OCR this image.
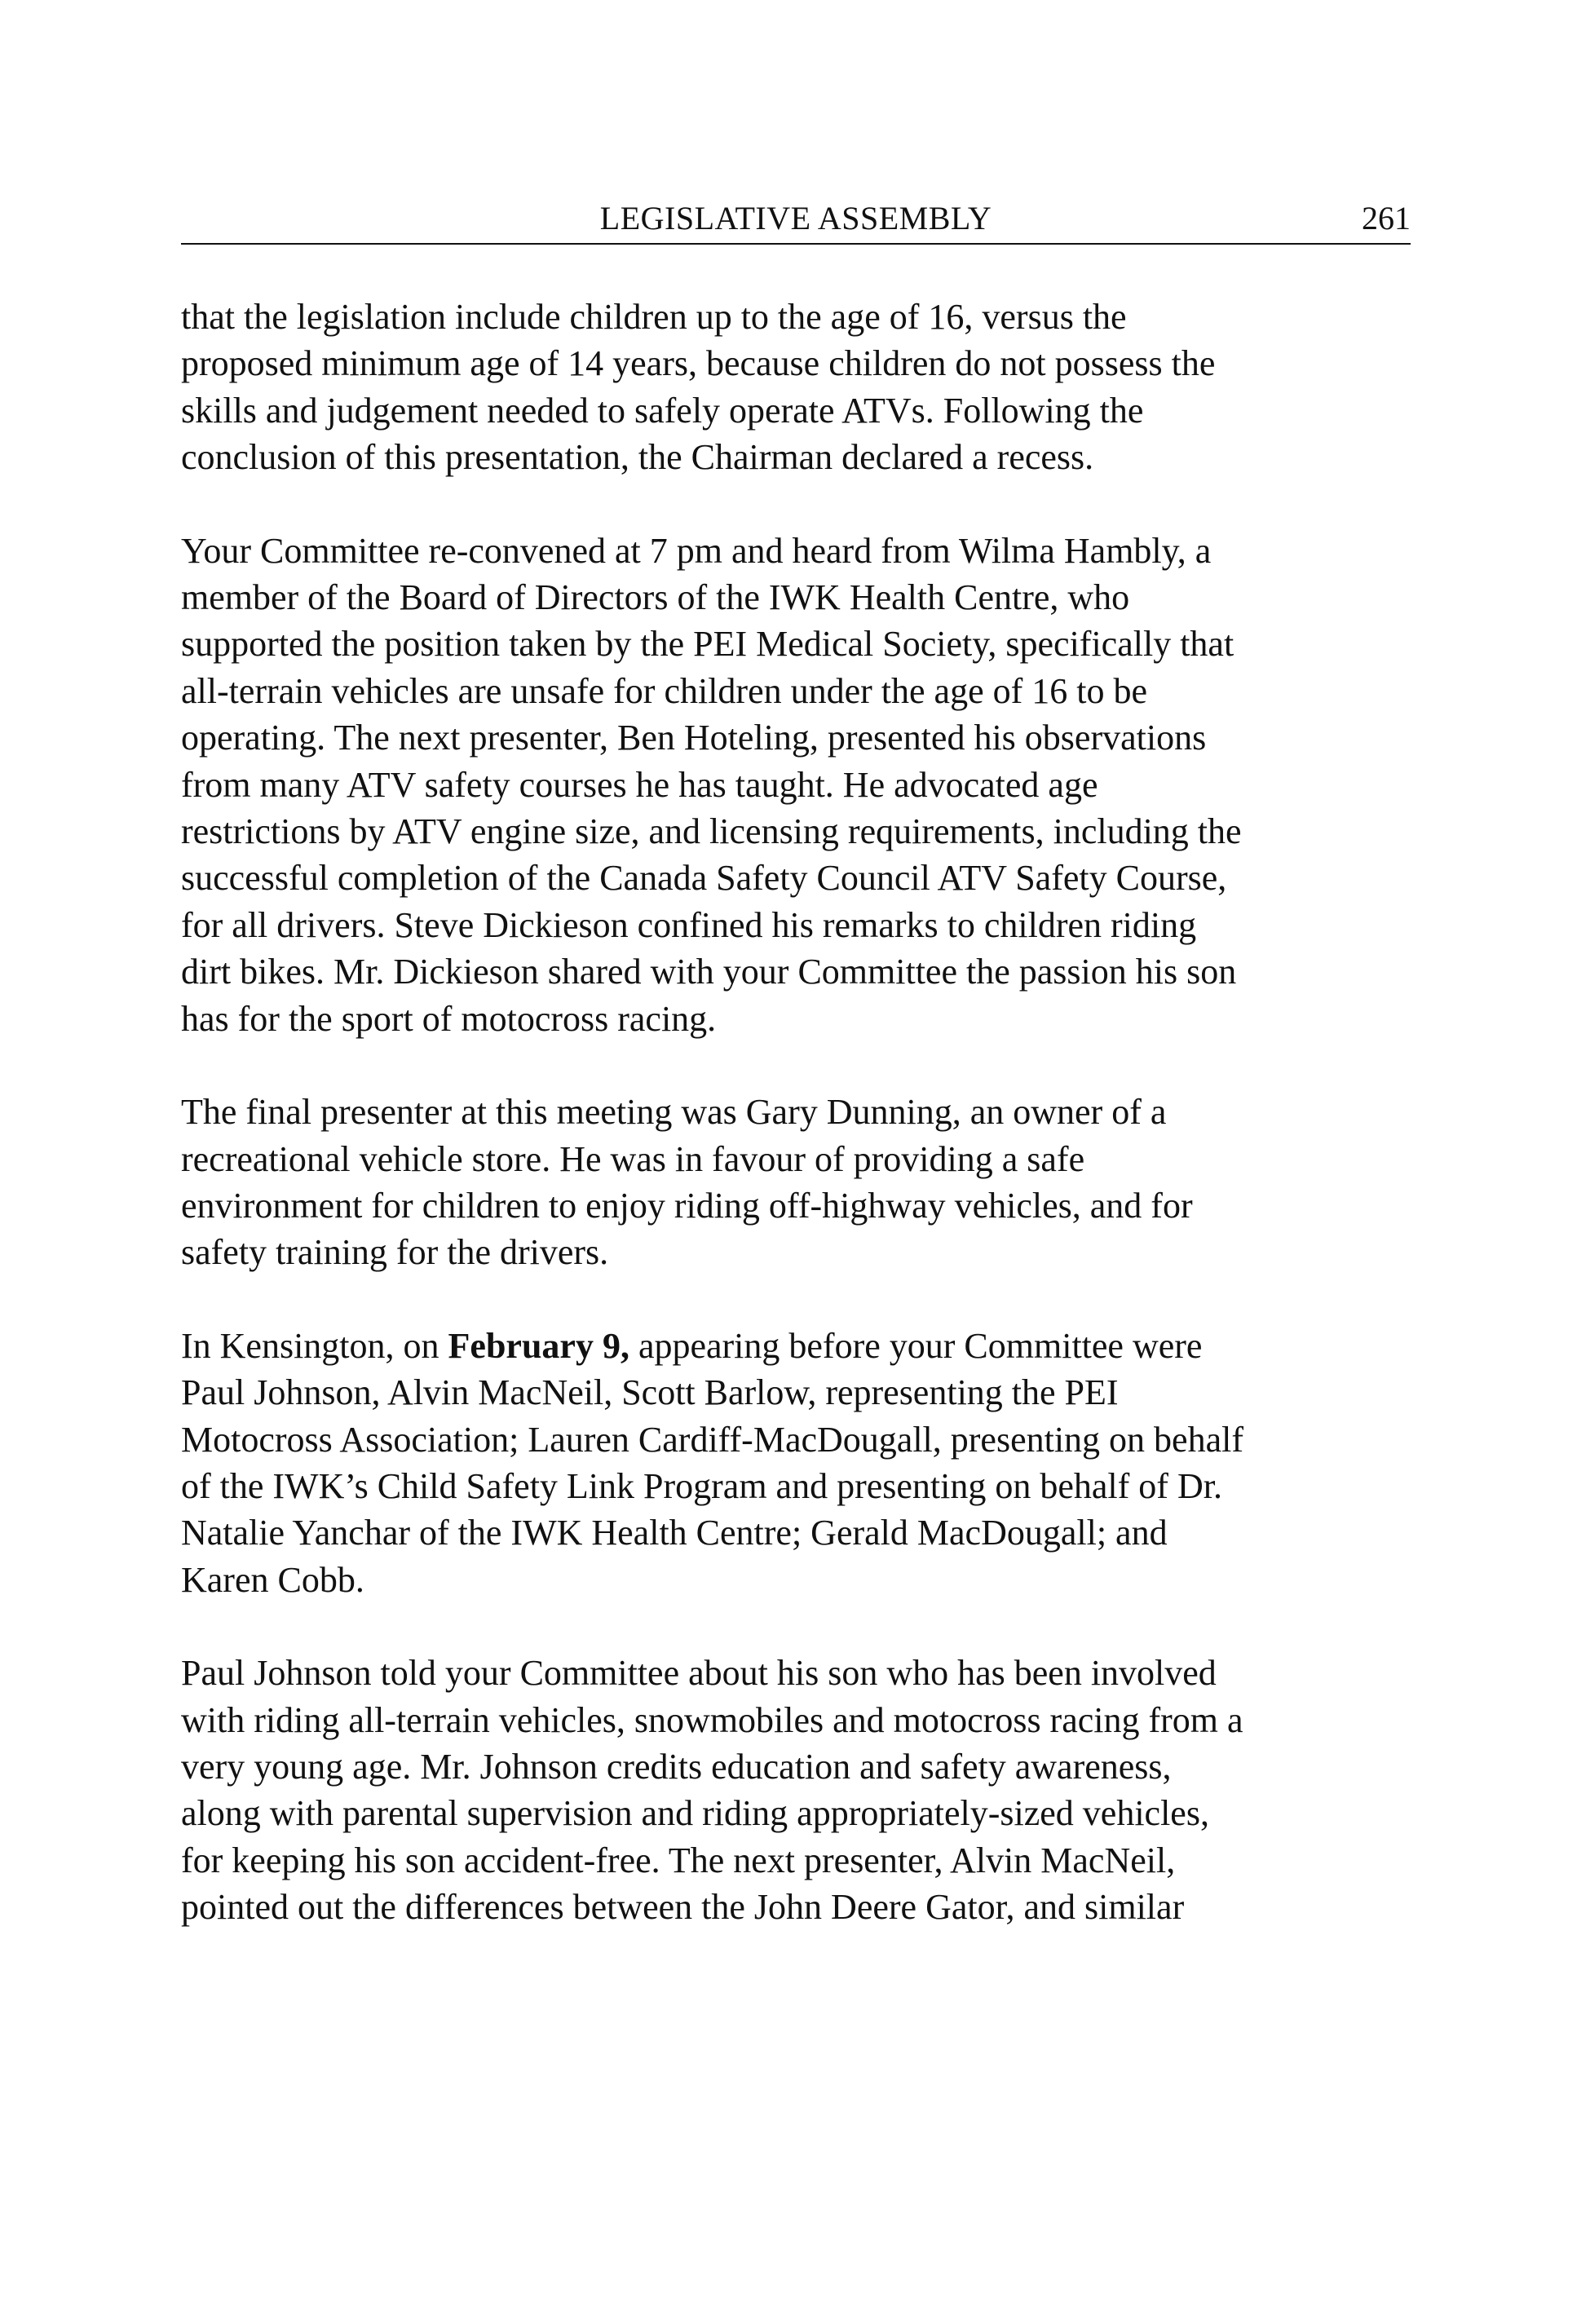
LEGISLATIVE ASSEMBLY	261

that the legislation include children up to the age of 16, versus the
proposed minimum age of 14 years, because children do not possess the
skills and judgement needed to safely operate ATVs. Following the
conclusion of this presentation, the Chairman declared a recess.

Your Committee re-convened at 7 pm and heard from Wilma Hambly, a
member of the Board of Directors of the IWK Health Centre, who
supported the position taken by the PEI Medical Society, specifically that
all-terrain vehicles are unsafe for children under the age of 16 to be
operating. The next presenter, Ben Hoteling, presented his observations
from many ATV safety courses he has taught. He advocated age
restrictions by ATV engine size, and licensing requirements, including the
successful completion of the Canada Safety Council ATV Safety Course,
for all drivers. Steve Dickieson confined his remarks to children riding
dirt bikes. Mr. Dickieson shared with your Committee the passion his son
has for the sport of motocross racing.

The final presenter at this meeting was Gary Dunning, an owner of a
recreational vehicle store. He was in favour of providing a safe
environment for children to enjoy riding off-highway vehicles, and for
safety training for the drivers.

In Kensington, on February 9, appearing before your Committee were
Paul Johnson, Alvin MacNeil, Scott Barlow, representing the PEI
Motocross Association; Lauren Cardiff-MacDougall, presenting on behalf
of the IWK’s Child Safety Link Program and presenting on behalf of Dr.
Natalie Yanchar of the IWK Health Centre; Gerald MacDougall; and
Karen Cobb.

Paul Johnson told your Committee about his son who has been involved
with riding all-terrain vehicles, snowmobiles and motocross racing from a
very young age. Mr. Johnson credits education and safety awareness,
along with parental supervision and riding appropriately-sized vehicles,
for keeping his son accident-free. The next presenter, Alvin MacNeil,
pointed out the differences between the John Deere Gator, and similar
